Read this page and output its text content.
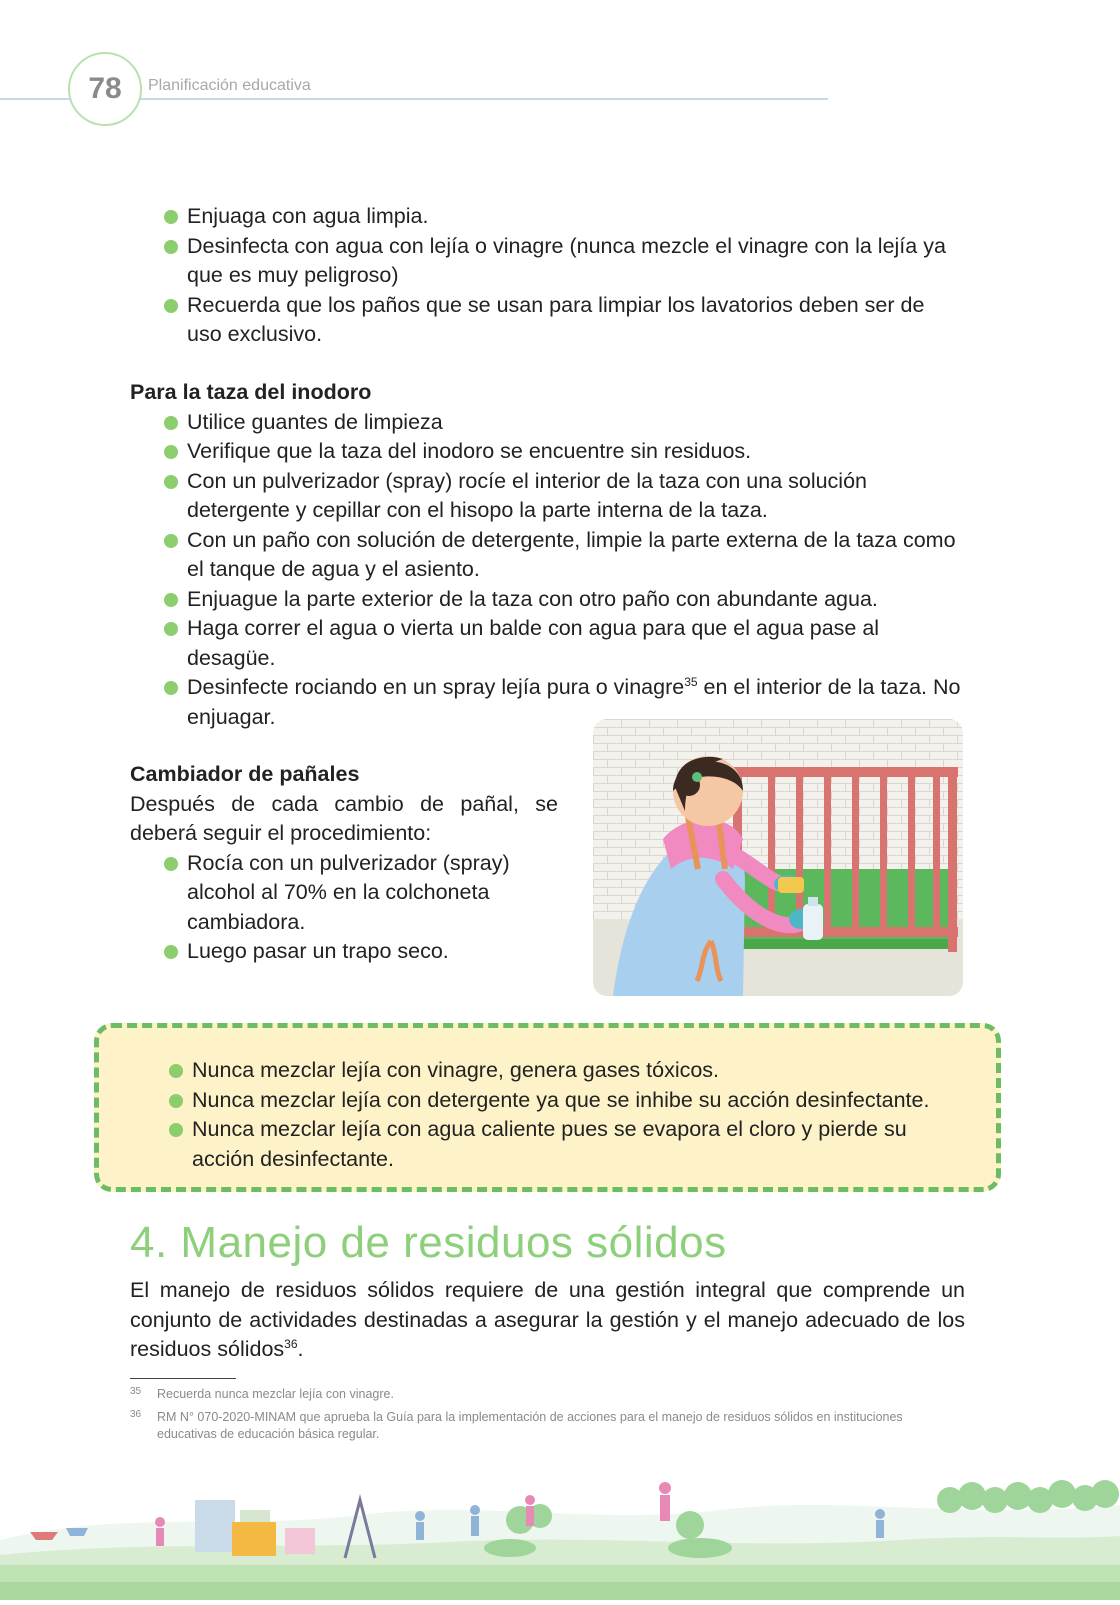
78	Planificación educativa
Enjuaga con agua limpia.
Desinfecta con agua con lejía o vinagre (nunca mezcle el vinagre con la lejía ya que es muy peligroso)
Recuerda que los paños que se usan para limpiar los lavatorios deben ser de uso exclusivo.
Para la taza del inodoro
Utilice guantes de limpieza
Verifique que la taza del inodoro se encuentre sin residuos.
Con un pulverizador (spray) rocíe el interior de la taza con una solución detergente y cepillar con el hisopo la parte interna de la taza.
Con un paño con solución de detergente, limpie la parte externa de la taza como el tanque de agua y el asiento.
Enjuague la parte exterior de la taza con otro paño con abundante agua.
Haga correr el agua o vierta un balde con agua para que el agua pase al desagüe.
Desinfecte rociando en un spray lejía pura o vinagre$^{35}$ en el interior de la taza. No enjuagar.
Cambiador de pañales
Después de cada cambio de pañal, se deberá seguir el procedimiento:
Rocía con un pulverizador (spray) alcohol al 70% en la colchoneta cambiadora.
Luego pasar un trapo seco.
Nunca mezclar lejía con vinagre, genera gases tóxicos.
Nunca mezclar lejía con detergente ya que se inhibe su acción desinfectante.
Nunca mezclar lejía con agua caliente pues se evapora el cloro y pierde su acción desinfectante.
4. Manejo de residuos sólidos
El manejo de residuos sólidos requiere de una gestión integral que comprende un conjunto de actividades destinadas a asegurar la gestión y el manejo adecuado de los residuos sólidos$^{36}$.
35	Recuerda nunca mezclar lejía con vinagre.
36	RM N° 070-2020-MINAM que aprueba la Guía para la implementación de acciones para el manejo de residuos sólidos en instituciones educativas de educación básica regular.
